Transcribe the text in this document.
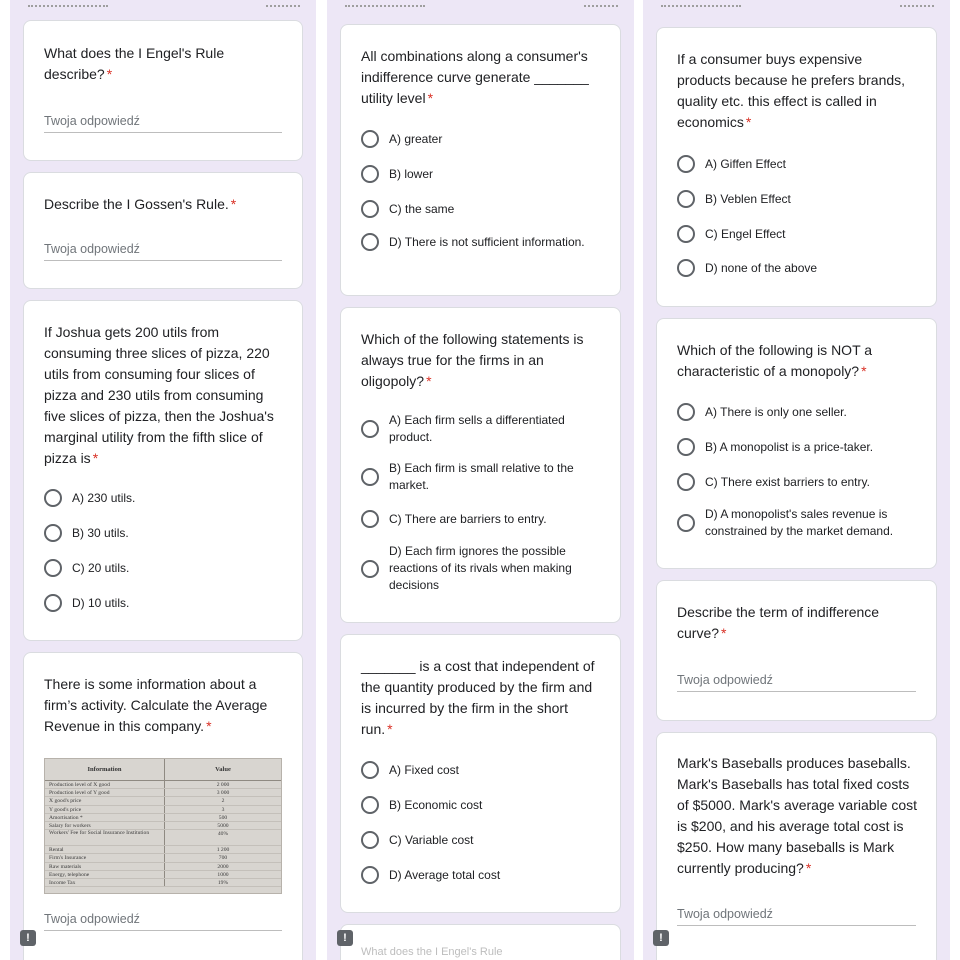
What does the I Engel's Rule describe? *
Twoja odpowiedź
Describe the I Gossen's Rule. *
Twoja odpowiedź
If Joshua gets 200 utils from consuming three slices of pizza, 220 utils from consuming four slices of pizza and 230 utils from consuming five slices of pizza, then the Joshua's marginal utility from the fifth slice of pizza is *
A) 230 utils.
B) 30 utils.
C) 20 utils.
D) 10 utils.
There is some information about a firm’s activity. Calculate the Average Revenue in this company. *
Information	Value
Production level of X good	2 000
Production level of Y good	3 000
X good's price	2
Y good's price	3
Amortisation *	500
Salary for workers	5000
Workers' Fee for Social Insurance Institution	40%
Rental	1 200
Firm's Insurance	700
Raw materials	2000
Energy, telephone	1000
Income Tax	19%
Twoja odpowiedź
!
All combinations along a consumer's indifference curve generate _______ utility level *
A) greater
B) lower
C) the same
D) There is not sufficient information.
Which of the following statements is always true for the firms in an oligopoly? *
A) Each firm sells a differentiated product.
B) Each firm is small relative to the market.
C) There are barriers to entry.
D) Each firm ignores the possible reactions of its rivals when making decisions
_______ is a cost that independent of the quantity produced by the firm and is incurred by the firm in the short run. *
A) Fixed cost
B) Economic cost
C) Variable cost
D) Average total cost
What does the I Engel's Rule
!
If a consumer buys expensive products because he prefers brands, quality etc. this effect is called in economics *
A) Giffen Effect
B) Veblen Effect
C) Engel Effect
D) none of the above
Which of the following is NOT a characteristic of a monopoly? *
A) There is only one seller.
B) A monopolist is a price-taker.
C) There exist barriers to entry.
D) A monopolist's sales revenue is constrained by the market demand.
Describe the term of indifference curve? *
Twoja odpowiedź
Mark's Baseballs produces baseballs. Mark's Baseballs has total fixed costs of $5000. Mark's average variable cost is $200, and his average total cost is $250. How many baseballs is Mark currently producing? *
Twoja odpowiedź
!
